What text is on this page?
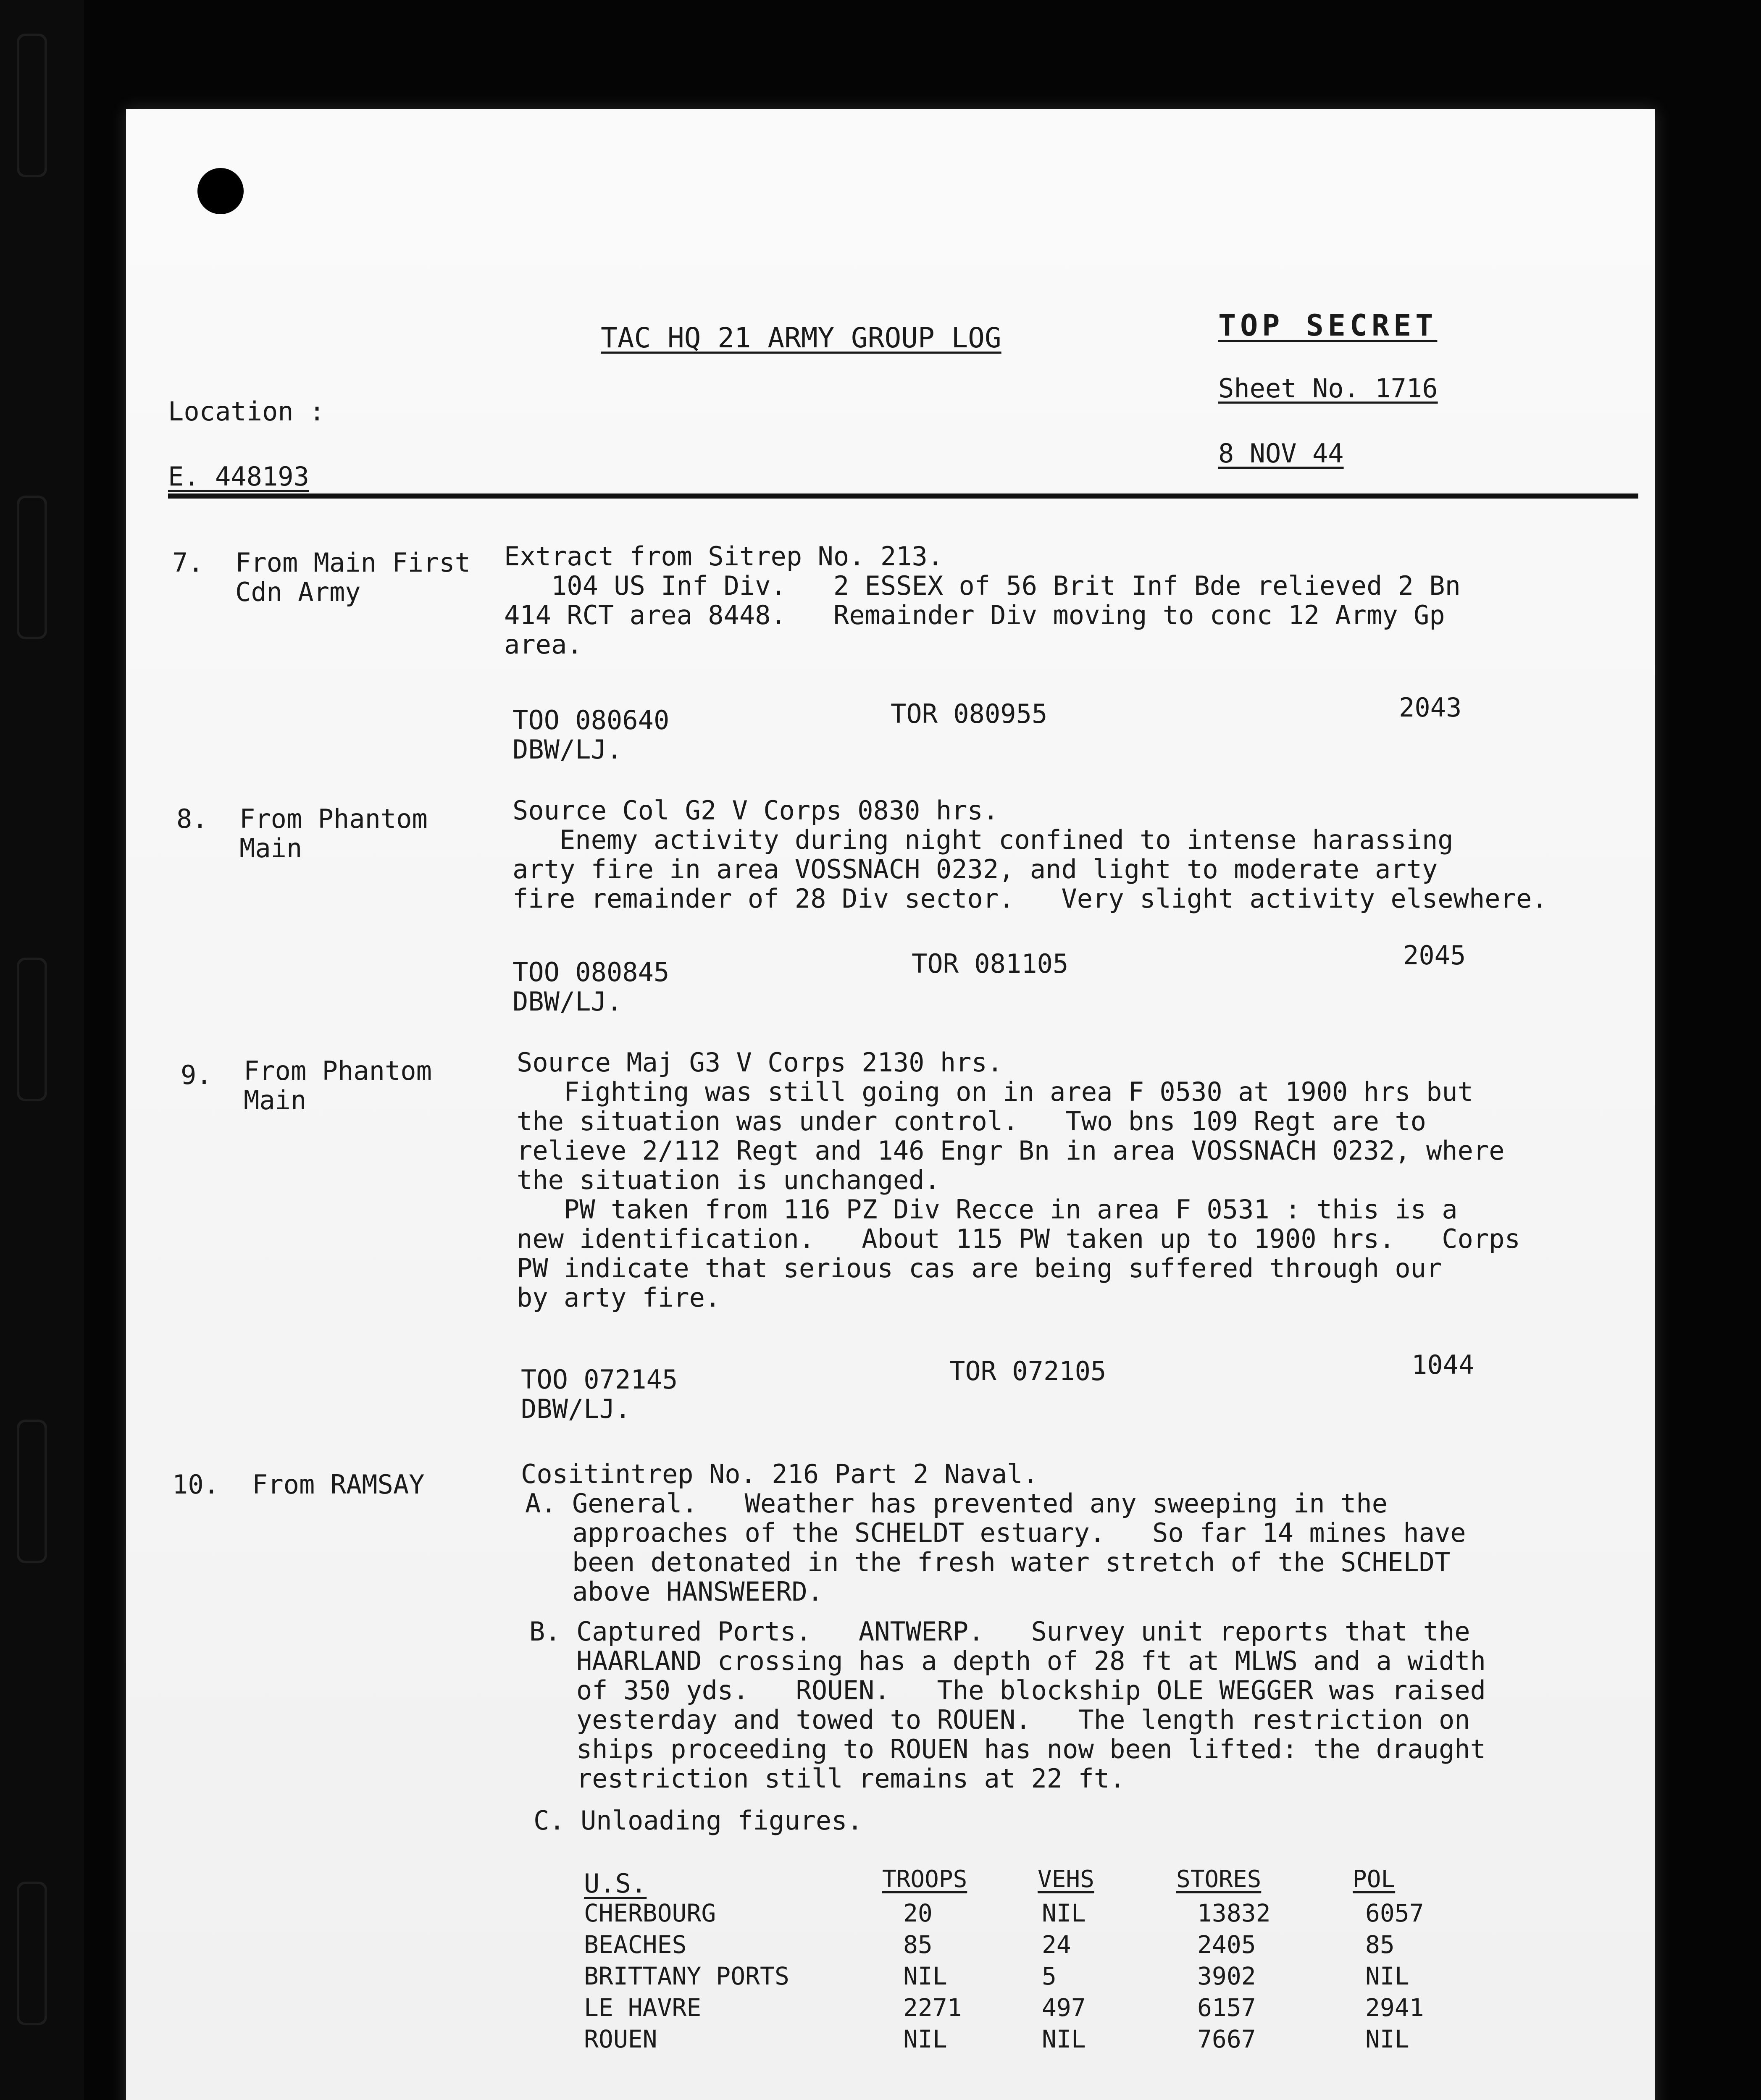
TAC HQ 21 ARMY GROUP LOG	TOP SECRET
Sheet No. 1716
Location :
8 NOV 44
E. 448193
7. From Main First
Cdn Army
Extract from Sitrep No. 213.
104 US Inf Div.   2 ESSEX of 56 Brit Inf Bde relieved 2 Bn
414 RCT area 8448.   Remainder Div moving to conc 12 Army Gp
area.
TOO 080640	TOR 080955	2043
DBW/LJ.
8. From Phantom
Main
Source Col G2 V Corps 0830 hrs.
Enemy activity during night confined to intense harassing
arty fire in area VOSSNACH 0232, and light to moderate arty
fire remainder of 28 Div sector.   Very slight activity elsewhere.
TOO 080845	TOR 081105	2045
DBW/LJ.
9. From Phantom
Main
Source Maj G3 V Corps 2130 hrs.
Fighting was still going on in area F 0530 at 1900 hrs but
the situation was under control.   Two bns 109 Regt are to
relieve 2/112 Regt and 146 Engr Bn in area VOSSNACH 0232, where
the situation is unchanged.
PW taken from 116 PZ Div Recce in area F 0531 : this is a
new identification.   About 115 PW taken up to 1900 hrs.   Corps
PW indicate that serious cas are being suffered through our
by arty fire.
TOO 072145	TOR 072105	1044
DBW/LJ.
10. From RAMSAY	Cositintrep No. 216 Part 2 Naval.
A. General.   Weather has prevented any sweeping in the
approaches of the SCHELDT estuary.   So far 14 mines have
been detonated in the fresh water stretch of the SCHELDT
above HANSWEERD.
B. Captured Ports.   ANTWERP.   Survey unit reports that the
HAARLAND crossing has a depth of 28 ft at MLWS and a width
of 350 yds.   ROUEN.   The blockship OLE WEGGER was raised
yesterday and towed to ROUEN.   The length restriction on
ships proceeding to ROUEN has now been lifted: the draught
restriction still remains at 22 ft.
C. Unloading figures.
U.S.	TROOPS	VEHS	STORES	POL
CHERBOURG	20	NIL	13832	6057
BEACHES	85	24	2405	85
BRITTANY PORTS	NIL	5	3902	NIL
LE HAVRE	2271	497	6157	2941
ROUEN	NIL	NIL	7667	NIL
